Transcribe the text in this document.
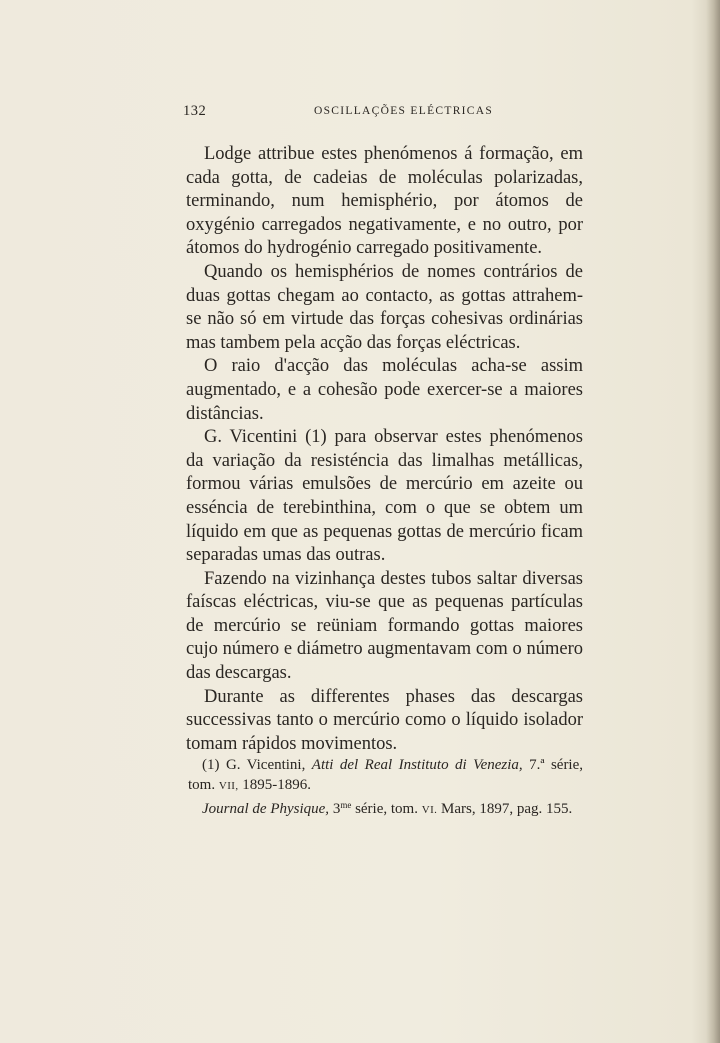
132	OSCILLAÇÕES ELÉCTRICAS

Lodge attribue estes phenómenos á formação, em cada gotta, de cadeias de moléculas polarizadas, terminando, num hemisphério, por átomos de oxygénio carregados negativamente, e no outro, por átomos do hydrogénio carregado positivamente.

Quando os hemisphérios de nomes contrários de duas gottas chegam ao contacto, as gottas attrahem-se não só em virtude das forças cohesivas ordinárias mas tambem pela acção das forças eléctricas.

O raio d'acção das moléculas acha-se assim augmentado, e a cohesão pode exercer-se a maiores distâncias.

G. Vicentini (1) para observar estes phenómenos da variação da resisténcia das limalhas metállicas, formou várias emulsões de mercúrio em azeite ou esséncia de terebinthina, com o que se obtem um líquido em que as pequenas gottas de mercúrio ficam separadas umas das outras.

Fazendo na vizinhança destes tubos saltar diversas faíscas eléctricas, viu-se que as pequenas partículas de mercúrio se reüniam formando gottas maiores cujo número e diámetro augmentavam com o número das descargas.

Durante as differentes phases das descargas successivas tanto o mercúrio como o líquido isolador tomam rápidos movimentos.

(1) G. Vicentini, Atti del Real Instituto di Venezia, 7.ª série, tom. VII, 1895-1896.

Journal de Physique, $3^{me}$ série, tom. VI. Mars, 1897, pag. 155.
